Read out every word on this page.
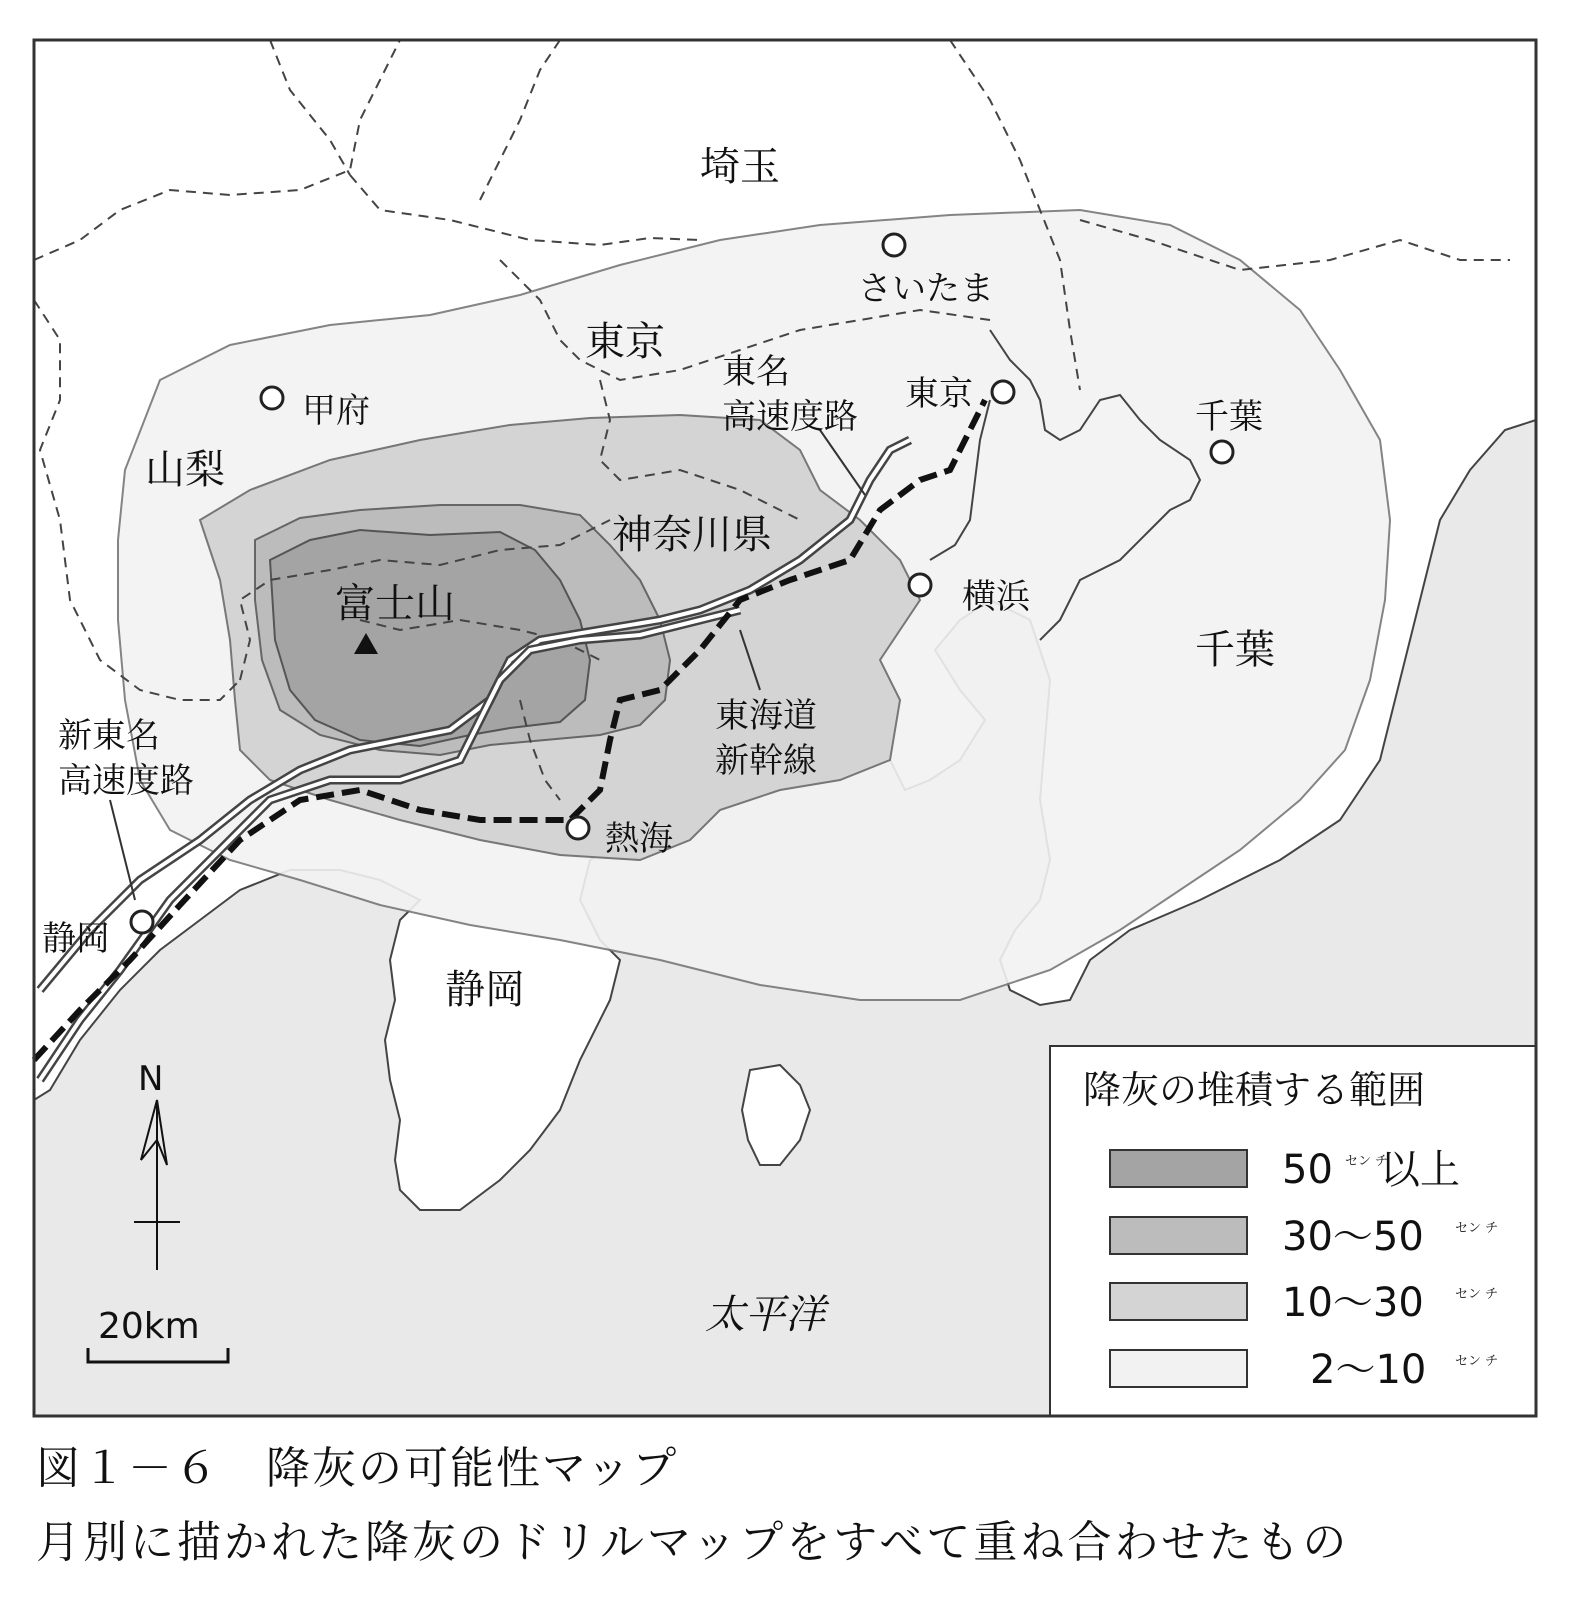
埼玉
東京
山梨
神奈川県
千葉
静岡
さいたま
東京
甲府	千葉
横浜
熱海
静岡
富士山
東名
高速度路
新東名
高速度路
東海道
新幹線
太平洋
N
20km
降灰の堆積する範囲
50 セン チ
以上
30〜50 セン チ
10〜30 セン チ
2〜10 セン チ
図１－６　降灰の可能性マップ
月別に描かれた降灰のドリルマップをすべて重ね合わせたもの
